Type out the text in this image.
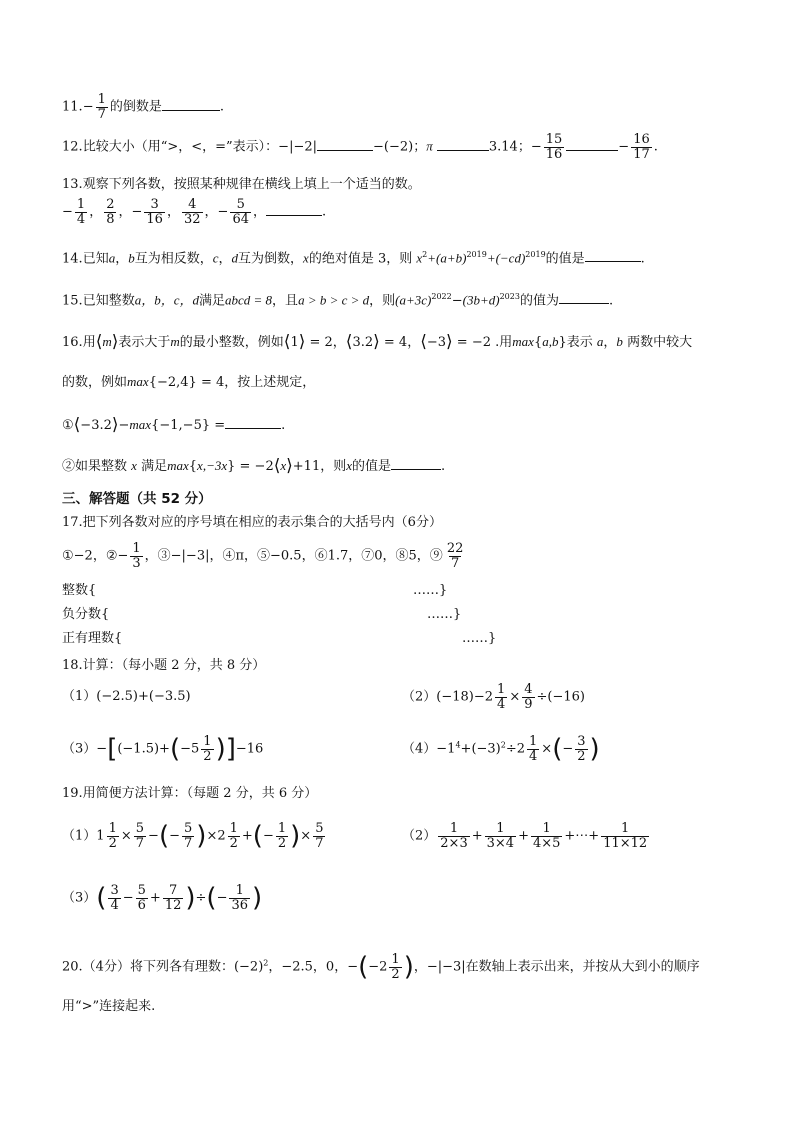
$11.- \frac{1}{7}$ 的倒数是	.
12.比较大小（用“>，<，=”表示）：−|−2|	−(−2)；π	3.14；− $\frac{15}{16}$	− $\frac{16}{17}$ .
13.观察下列各数，按照某种规律在横线上填上一个适当的数。
− $\frac{1}{4}$ ， $\frac{2}{8}$ ，− $\frac{3}{16}$ ， $\frac{4}{32}$ ，− $\frac{5}{64}$ ，	.
14.已知a，b互为相反数，c，d互为倒数，x的绝对值是 3，则 $x^2+(a+b)^{2019}+(-cd)^{2019}$的值是	.
15.已知整数a，b，c，d满足abcd = 8，且a > b > c > d，则$(a+3c)^{2022}-(3b+d)^{2023}$的值为	.
16.用⟨m⟩表示大于m的最小整数，例如⟨1⟩ = 2，⟨3.2⟩ = 4，⟨−3⟩ = −2 .用max{a,b}表示 a，b 两数中较大
的数，例如max{−2,4} = 4，按上述规定，
①⟨−3.2⟩−max{−1,−5} =	.
②如果整数 x 满足max{x,−3x} = −2⟨x⟩+11，则x的值是	.
三、解答题（共 52 分）
17.把下列各数对应的序号填在相应的表示集合的大括号内（6分）
①−2，②− $\frac{1}{3}$ ，③−|−3|，④π，⑤−0.5，⑥1.7，⑦0，⑧5，⑨ $\frac{22}{7}$
整数{	……}
负分数{	……}
正有理数{	……}
18.计算：（每小题 2 分，共 8 分）
（1）(−2.5)+(−3.5)	$(2)(-18)-2 \frac{1}{4} \times \frac{4}{9} \div(-16)$
$(3)-[(-1.5)+(-5 \frac{1}{2} )]-16$	$(4)-1^4+(-3)^2\div 2 \frac{1}{4}$ ×(− $\frac{3}{2}$ )
19.用简便方法计算：（每题 2 分，共 6 分）
$(1)1 \frac{1}{2} \times \frac{5}{7}$ −(− $\frac{5}{7} )\times 2 \frac{1}{2}$ +(− $\frac{1}{2}$ )× $\frac{5}{7}$	$(2) \frac{1}{2\times 3} + \frac{1}{3\times 4} + \frac{1}{4\times 5}$ +⋯+ $\frac{1}{11\times 12}$
$(3)( \frac{3}{4} - \frac{5}{6} + \frac{7}{12}$ )÷(− $\frac{1}{36}$ )
20.（4分）将下列各有理数：$(-2)^2$，−2.5，0，$-(-2 \frac{1}{2}$ )，−|−3|在数轴上表示出来，并按从大到小的顺序
用“>”连接起来.
